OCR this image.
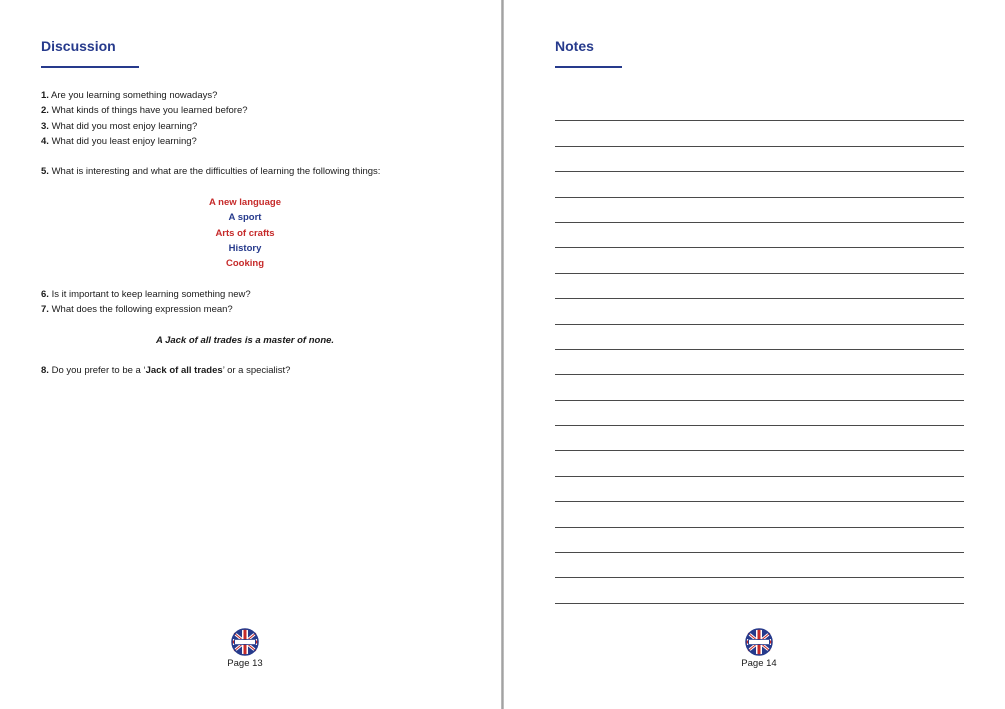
Discussion

1. Are you learning something nowadays?

2. What kinds of things have you learned before?

3. What did you most enjoy learning?

4. What did you least enjoy learning?

5. What is interesting and what are the difficulties of learning the following things:

A new language

A sport

Arts of crafts

History

Cooking

6. Is it important to keep learning something new?

7. What does the following expression mean?

A Jack of all trades is a master of none.

8. Do you prefer to be a ‘Jack of all trades’ or a specialist?

Page 13
Notes
Page 14
